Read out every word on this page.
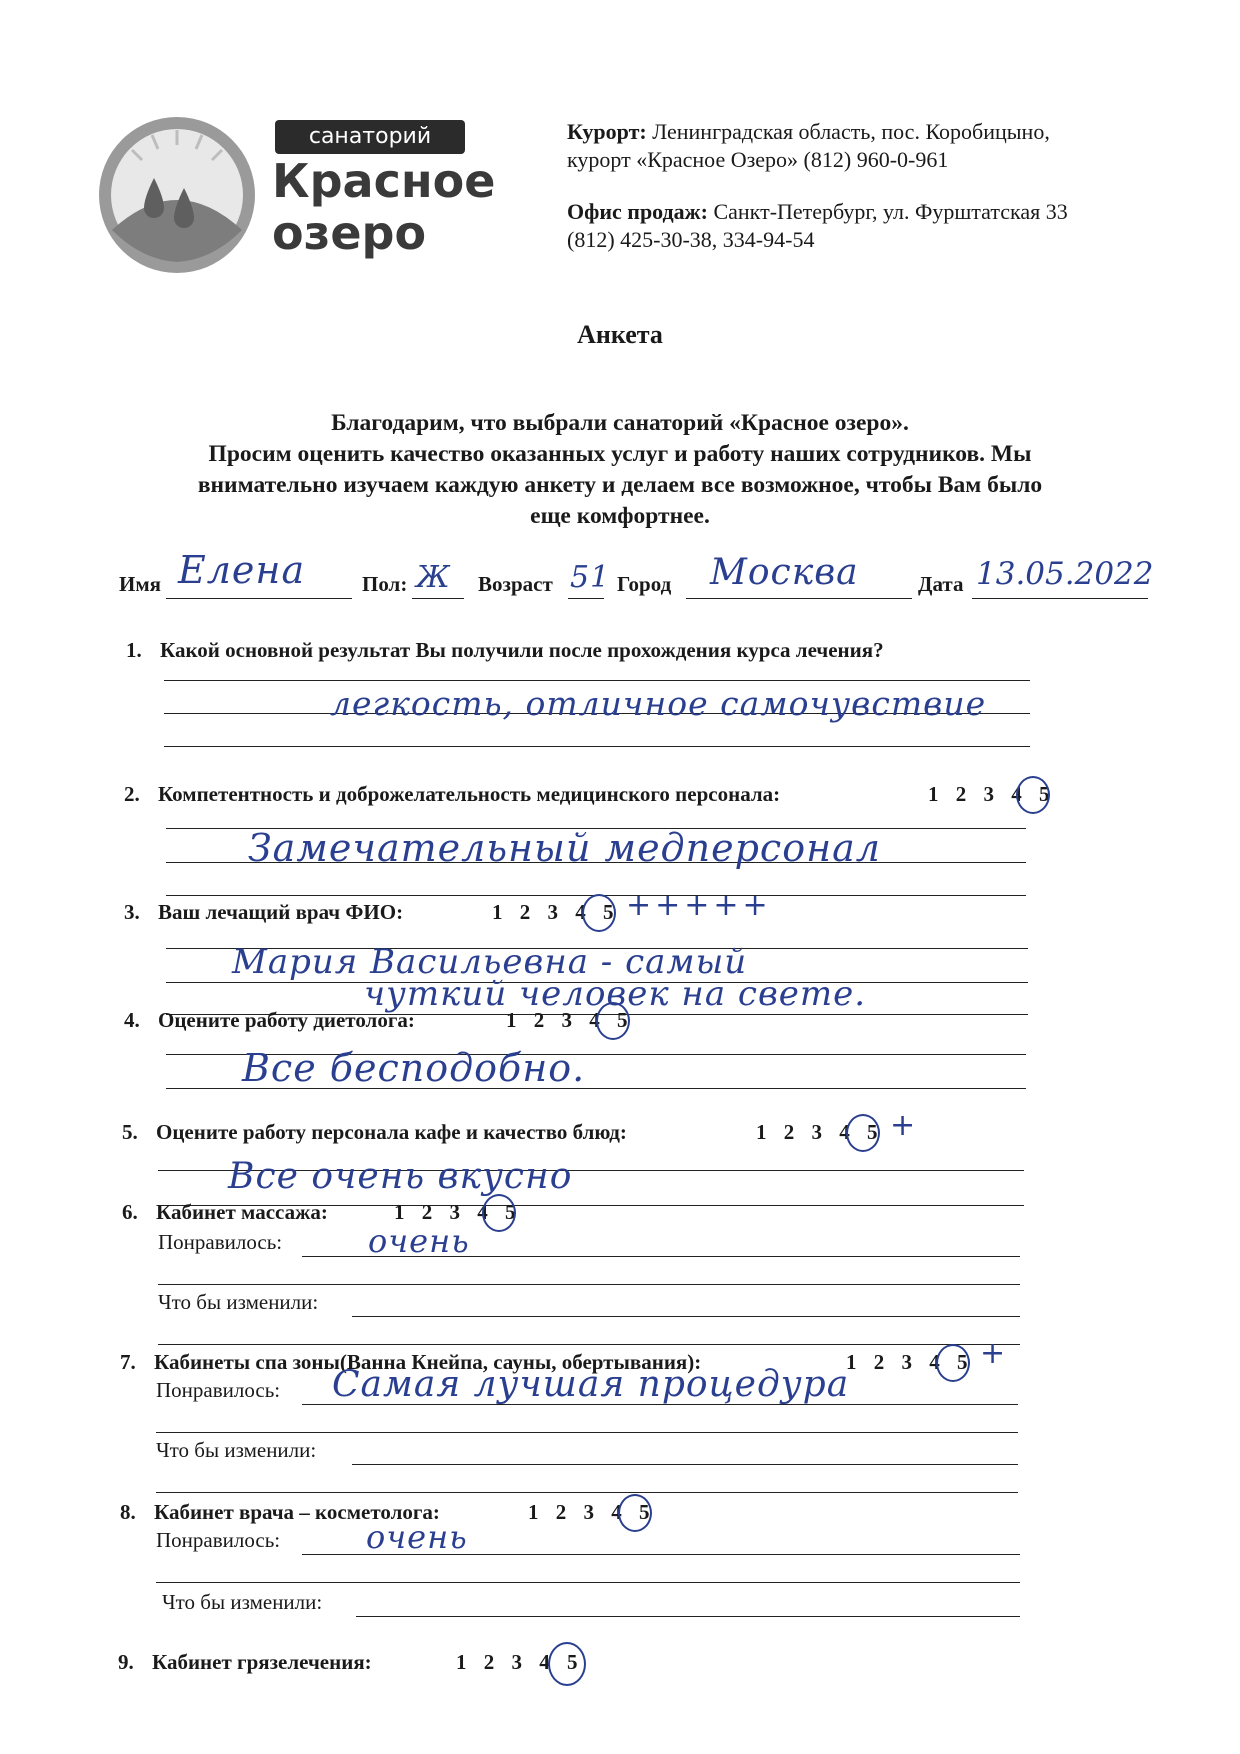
санаторий
Красное
озеро
Курорт: Ленинградская область, пос. Коробицыно,
курорт «Красное Озеро» (812) 960-0-961
Офис продаж: Санкт-Петербург, ул. Фурштатская 33
(812) 425-30-38, 334-94-54
Анкета
Благодарим, что выбрали санаторий «Красное озеро».
Просим оценить качество оказанных услуг и работу наших сотрудников. Мы
внимательно изучаем каждую анкету и делаем все возможное, чтобы Вам было
еще комфортнее.
Имя Елена	Пол: Ж Возраст 51 Город Москва	Дата 13.05.2022
1. Какой основной результат Вы получили после прохождения курса лечения?
легкость, отличное самочувствие
2. Компетентность и доброжелательность медицинского персонала:	1 2 3 4 5
Замечательный медперсонал
3. Ваш лечащий врач ФИО:	1 2 3 4 5 +++++
Мария Васильевна - самый
чуткий человек на свете.
4. Оцените работу диетолога:	1 2 3 4 5
Все бесподобно.
5. Оцените работу персонала кафе и качество блюд:	1 2 3 4 5 +
Все очень вкусно
6. Кабинет массажа:	1 2 3 4 5
Понравилось:	очень
Что бы изменили:
7. Кабинеты спа зоны(Ванна Кнейпа, сауны, обертывания):	1 2 3 4 5 +
Понравилось: Самая лучшая процедура
Что бы изменили:
8. Кабинет врача – косметолога:	1 2 3 4 5
Понравилось:	очень
Что бы изменили:
9. Кабинет грязелечения:	1 2 3 4 5
